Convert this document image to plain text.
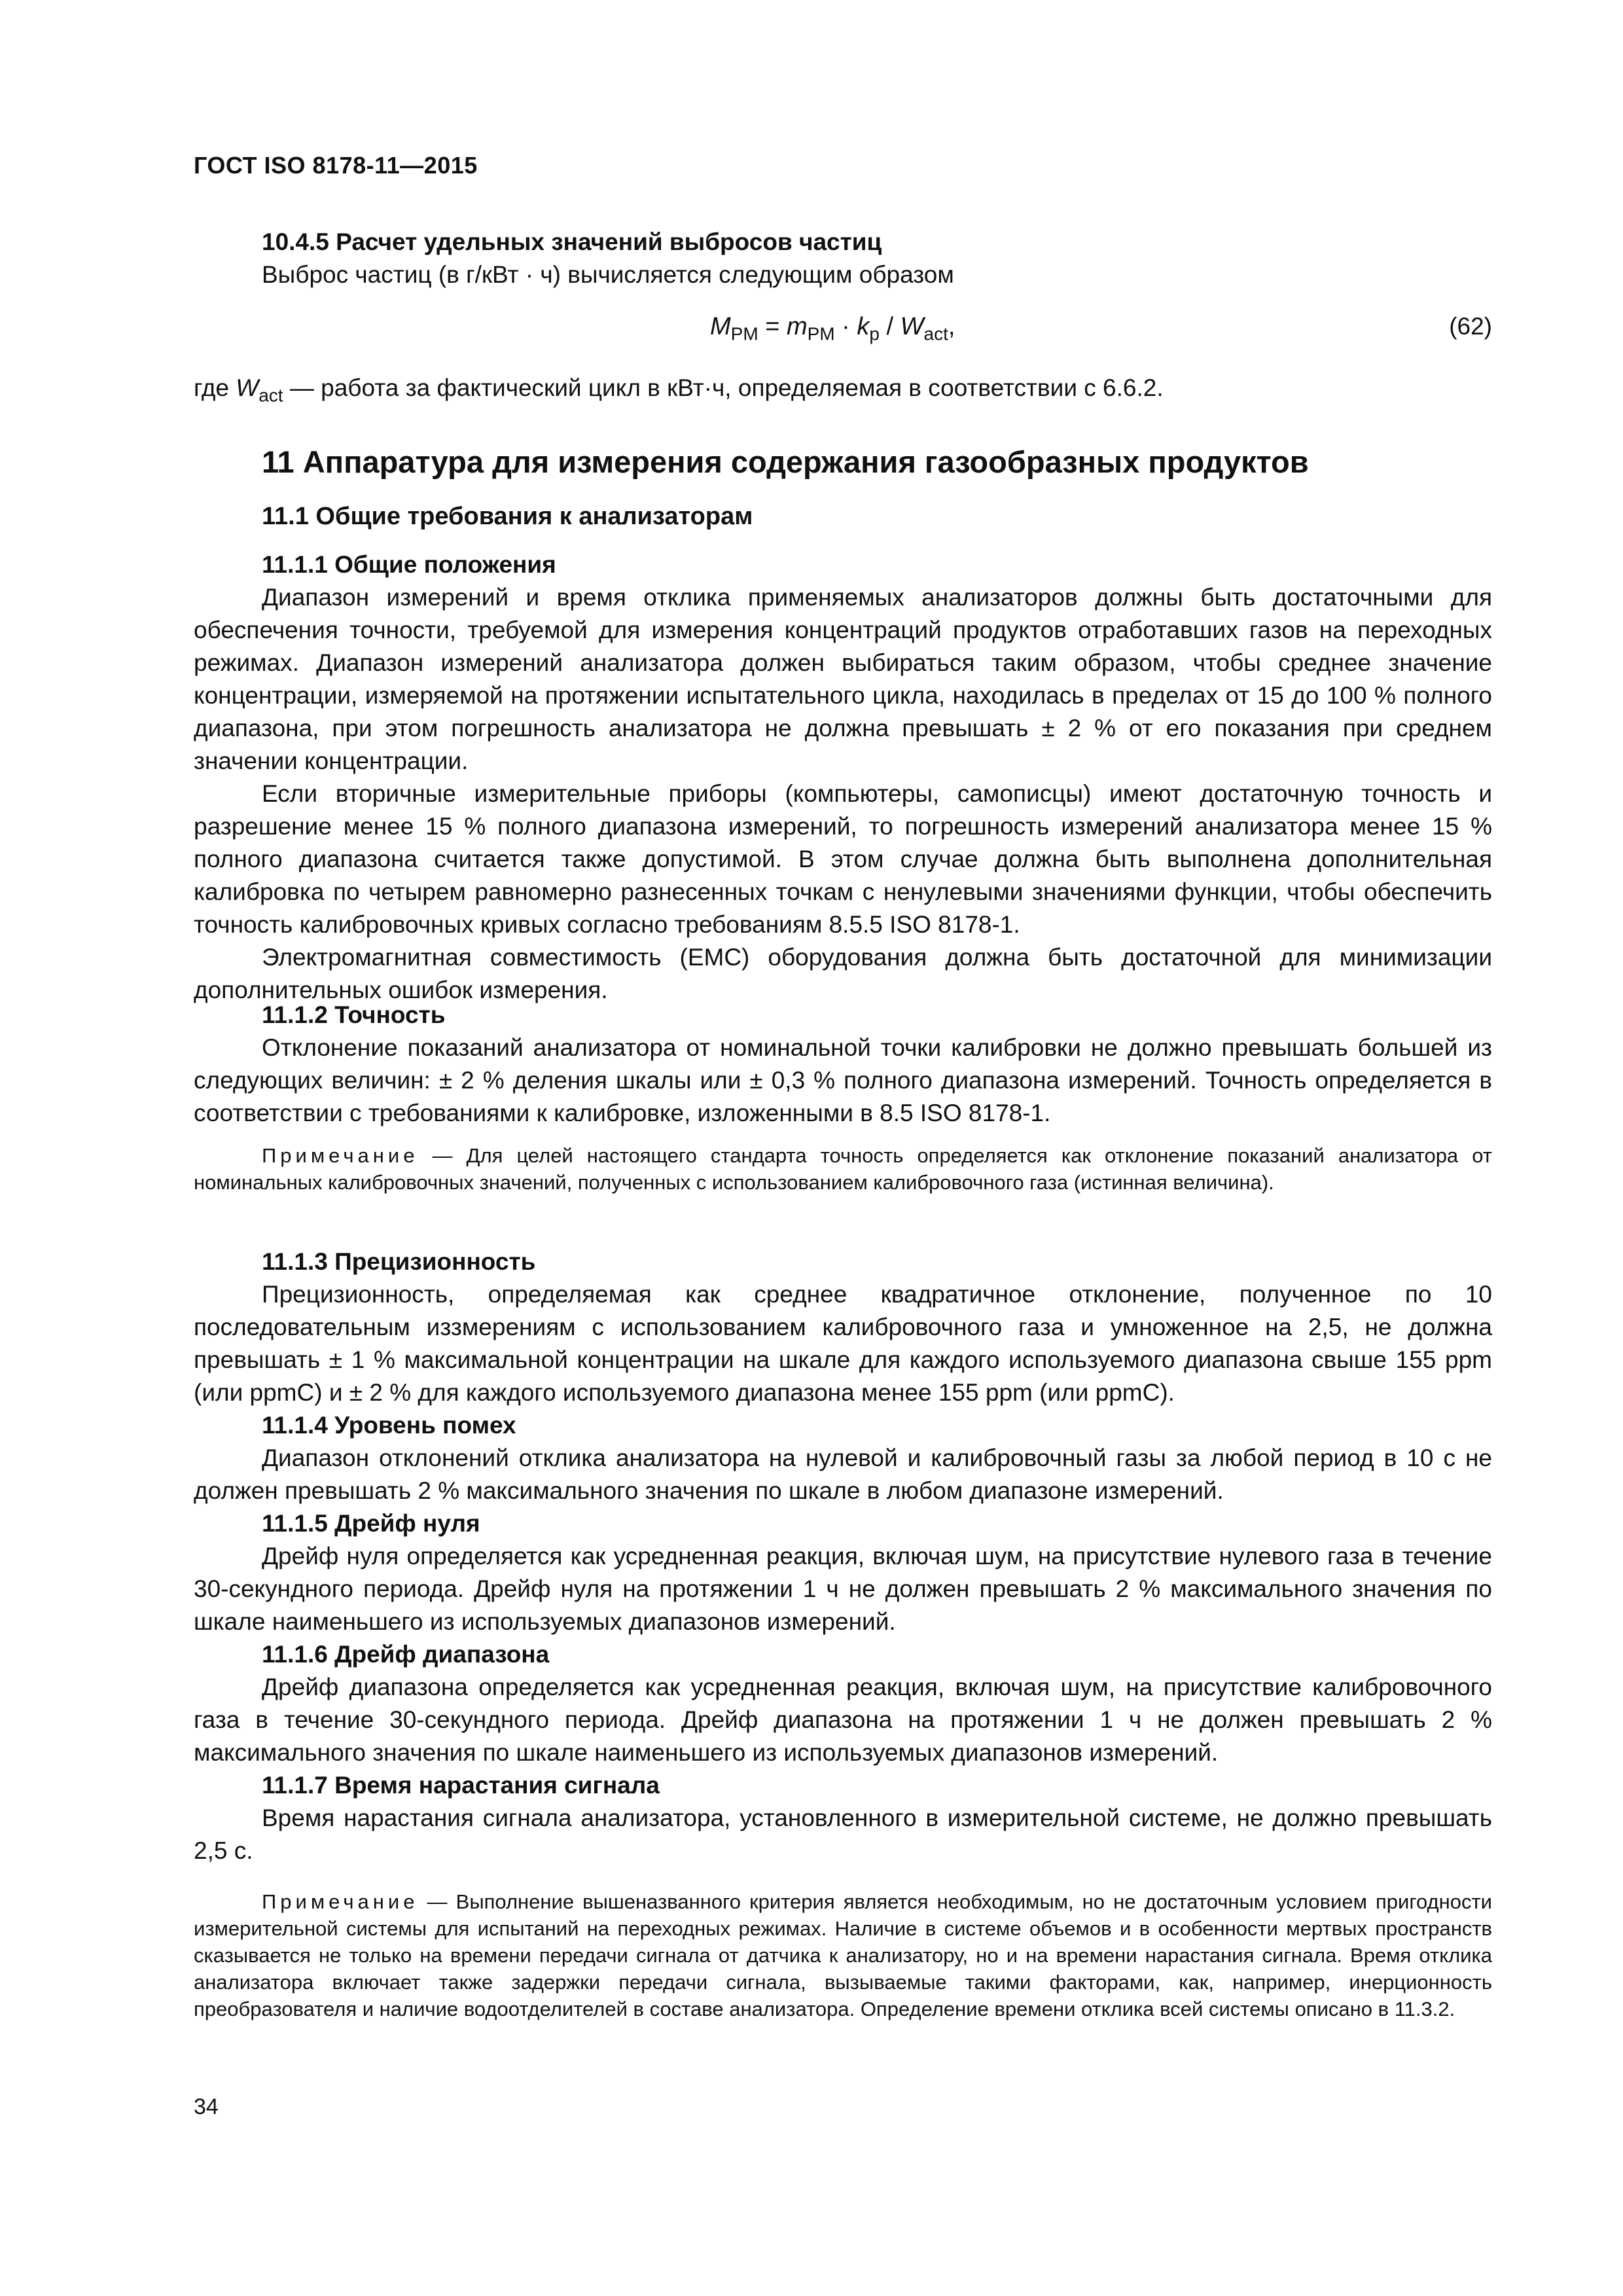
ГОСТ ISO 8178-11—2015

10.4.5 Расчет удельных значений выбросов частиц

Выброс частиц (в г/кВт · ч) вычисляется следующим образом

$M_{PM} = m_{PM} \cdot k_p / W_{act}$,	(62)
где $W_{act}$ — работа за фактический цикл в кВт·ч, определяемая в соответствии с 6.6.2.
11 Аппаратура для измерения содержания газообразных продуктов
11.1 Общие требования к анализаторам

11.1.1 Общие положения

Диапазон измерений и время отклика применяемых анализаторов должны быть достаточными для обеспечения точности, требуемой для измерения концентраций продуктов отработавших газов на переходных режимах. Диапазон измерений анализатора должен выбираться таким образом, чтобы среднее значение концентрации, измеряемой на протяжении испытательного цикла, находилась в пределах от 15 до 100 % полного диапазона, при этом погрешность анализатора не должна превышать ± 2 % от его показания при среднем значении концентрации.

Если вторичные измерительные приборы (компьютеры, самописцы) имеют достаточную точность и разрешение менее 15 % полного диапазона измерений, то погрешность измерений анализатора менее 15 % полного диапазона считается также допустимой. В этом случае должна быть выполнена дополнительная калибровка по четырем равномерно разнесенных точкам с ненулевыми значениями функции, чтобы обеспечить точность калибровочных кривых согласно требованиям 8.5.5 ISO 8178-1.

Электромагнитная совместимость (EMC) оборудования должна быть достаточной для минимизации дополнительных ошибок измерения.

11.1.2 Точность

Отклонение показаний анализатора от номинальной точки калибровки не должно превышать большей из следующих величин: ± 2 % деления шкалы или ± 0,3 % полного диапазона измерений. Точность определяется в соответствии с требованиями к калибровке, изложенными в 8.5 ISO 8178-1.

Примечание — Для целей настоящего стандарта точность определяется как отклонение показаний анализатора от номинальных калибровочных значений, полученных с использованием калибровочного газа (истинная величина).

11.1.3 Прецизионность

Прецизионность, определяемая как среднее квадратичное отклонение, полученное по 10 последовательным иззмерениям с использованием калибровочного газа и умноженное на 2,5, не должна превышать ± 1 % максимальной концентрации на шкале для каждого используемого диапазона свыше 155 ppm (или ppmC) и ± 2 % для каждого используемого диапазона менее 155 ppm (или ppmC).

11.1.4 Уровень помех

Диапазон отклонений отклика анализатора на нулевой и калибровочный газы за любой период в 10 с не должен превышать 2 % максимального значения по шкале в любом диапазоне измерений.

11.1.5 Дрейф нуля

Дрейф нуля определяется как усредненная реакция, включая шум, на присутствие нулевого газа в течение 30-секундного периода. Дрейф нуля на протяжении 1 ч не должен превышать 2 % максимального значения по шкале наименьшего из используемых диапазонов измерений.

11.1.6 Дрейф диапазона

Дрейф диапазона определяется как усредненная реакция, включая шум, на присутствие калибровочного газа в течение 30-секундного периода. Дрейф диапазона на протяжении 1 ч не должен превышать 2 % максимального значения по шкале наименьшего из используемых диапазонов измерений.

11.1.7 Время нарастания сигнала

Время нарастания сигнала анализатора, установленного в измерительной системе, не должно превышать 2,5 с.

Примечание — Выполнение вышеназванного критерия является необходимым, но не достаточным условием пригодности измерительной системы для испытаний на переходных режимах. Наличие в системе объемов и в особенности мертвых пространств сказывается не только на времени передачи сигнала от датчика к анализатору, но и на времени нарастания сигнала. Время отклика анализатора включает также задержки передачи сигнала, вызываемые такими факторами, как, например, инерционность преобразователя и наличие водоотделителей в составе анализатора. Определение времени отклика всей системы описано в 11.3.2.

34
